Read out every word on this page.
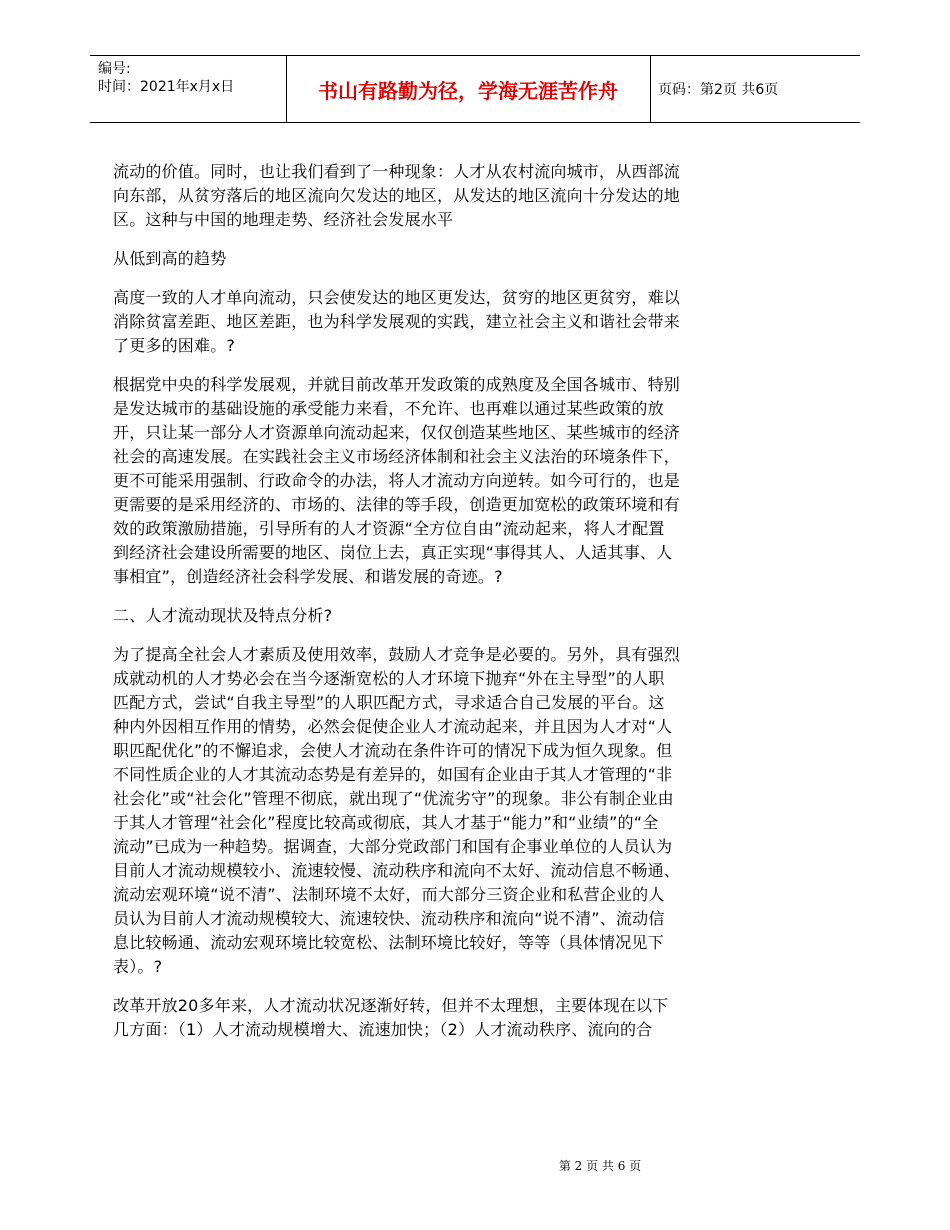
编号:
时间：2021年x月x日	书山有路勤为径，学海无涯苦作舟	页码：第2页 共6页
流动的价值。同时，也让我们看到了一种现象：人才从农村流向城市，从西部流
向东部，从贫穷落后的地区流向欠发达的地区，从发达的地区流向十分发达的地
区。这种与中国的地理走势、经济社会发展水平
从低到高的趋势
高度一致的人才单向流动，只会使发达的地区更发达，贫穷的地区更贫穷，难以
消除贫富差距、地区差距，也为科学发展观的实践，建立社会主义和谐社会带来
了更多的困难。?
根据党中央的科学发展观，并就目前改革开发政策的成熟度及全国各城市、特别
是发达城市的基础设施的承受能力来看，不允许、也再难以通过某些政策的放
开，只让某一部分人才资源单向流动起来，仅仅创造某些地区、某些城市的经济
社会的高速发展。在实践社会主义市场经济体制和社会主义法治的环境条件下，
更不可能采用强制、行政命令的办法，将人才流动方向逆转。如今可行的，也是
更需要的是采用经济的、市场的、法律的等手段，创造更加宽松的政策环境和有
效的政策激励措施，引导所有的人才资源“全方位自由”流动起来，将人才配置
到经济社会建设所需要的地区、岗位上去，真正实现“事得其人、人适其事、人
事相宜”，创造经济社会科学发展、和谐发展的奇迹。?
二、人才流动现状及特点分析?
为了提高全社会人才素质及使用效率，鼓励人才竞争是必要的。另外，具有强烈
成就动机的人才势必会在当今逐渐宽松的人才环境下抛弃“外在主导型”的人职
匹配方式，尝试“自我主导型”的人职匹配方式，寻求适合自己发展的平台。这
种内外因相互作用的情势，必然会促使企业人才流动起来，并且因为人才对“人
职匹配优化”的不懈追求，会使人才流动在条件许可的情况下成为恒久现象。但
不同性质企业的人才其流动态势是有差异的，如国有企业由于其人才管理的“非
社会化”或“社会化”管理不彻底，就出现了“优流劣守”的现象。非公有制企业由
于其人才管理“社会化”程度比较高或彻底，其人才基于“能力”和“业绩”的“全
流动”已成为一种趋势。据调查，大部分党政部门和国有企事业单位的人员认为
目前人才流动规模较小、流速较慢、流动秩序和流向不太好、流动信息不畅通、
流动宏观环境“说不清”、法制环境不太好，而大部分三资企业和私营企业的人
员认为目前人才流动规模较大、流速较快、流动秩序和流向“说不清”、流动信
息比较畅通、流动宏观环境比较宽松、法制环境比较好，等等（具体情况见下
表）。?
改革开放20多年来，人才流动状况逐渐好转，但并不太理想，主要体现在以下
几方面：（1）人才流动规模增大、流速加快；（2）人才流动秩序、流向的合
第 2 页 共 6 页
